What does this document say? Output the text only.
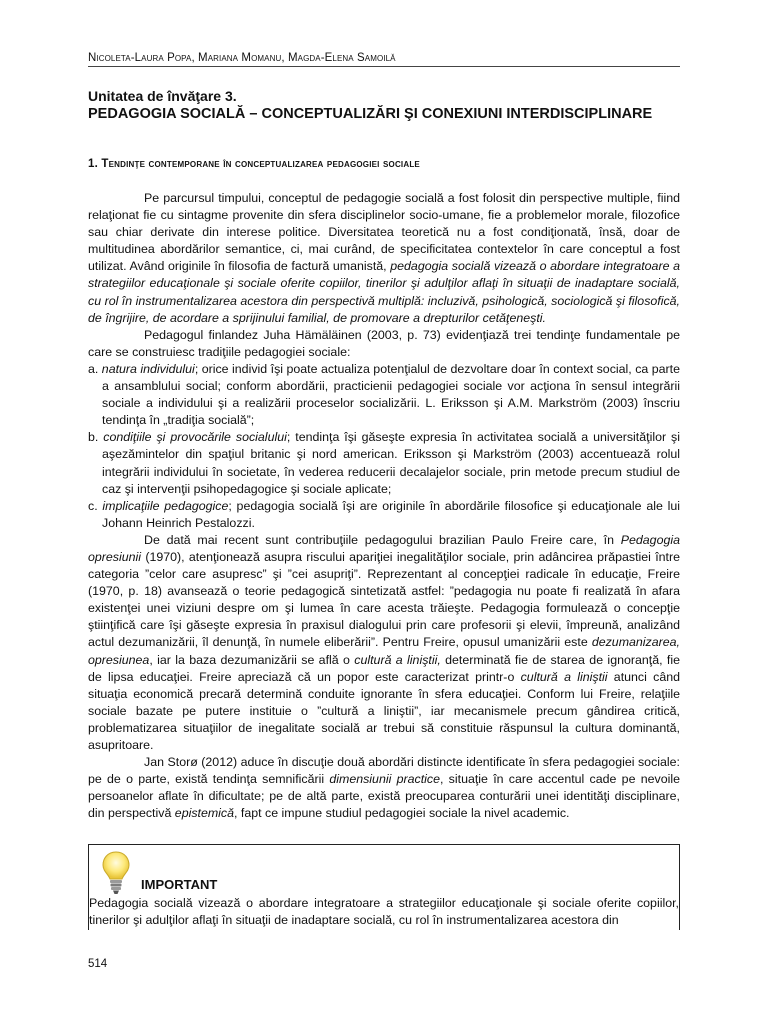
Nicoleta-Laura Popa, Mariana Momanu, Magda-Elena Samoilă
Unitatea de învăţare 3.
PEDAGOGIA SOCIALĂ – CONCEPTUALIZĂRI ŞI CONEXIUNI INTERDISCIPLINARE
1. Tendinţe contemporane în conceptualizarea pedagogiei sociale

Pe parcursul timpului, conceptul de pedagogie socială a fost folosit din perspective multiple, fiind relaţionat fie cu sintagme provenite din sfera disciplinelor socio-umane, fie a problemelor morale, filozofice sau chiar derivate din interese politice. Diversitatea teoretică nu a fost condiţionată, însă, doar de multitudinea abordărilor semantice, ci, mai curând, de specificitatea contextelor în care conceptul a fost utilizat. Având originile în filosofia de factură umanistă, pedagogia socială vizează o abordare integratoare a strategiilor educaţionale şi sociale oferite copiilor, tinerilor şi adulţilor aflaţi în situaţii de inadaptare socială, cu rol în instrumentalizarea acestora din perspectivă multiplă: incluzivă, psihologică, sociologică şi filosofică, de îngrijire, de acordare a sprijinului familial, de promovare a drepturilor cetăţeneşti.

Pedagogul finlandez Juha Hämäläinen (2003, p. 73) evidenţiază trei tendinţe fundamentale pe care se construiesc tradiţiile pedagogiei sociale:

a. natura individului; orice individ îşi poate actualiza potenţialul de dezvoltare doar în context social, ca parte a ansamblului social; conform abordării, practicienii pedagogiei sociale vor acţiona în sensul integrării sociale a individului şi a realizării proceselor socializării. L. Eriksson şi A.M. Markström (2003) înscriu tendinţa în „tradiţia socială”;

b. condiţiile şi provocările socialului; tendinţa îşi găseşte expresia în activitatea socială a universităţilor şi aşezămintelor din spaţiul britanic şi nord american. Eriksson şi Markström (2003) accentuează rolul integrării individului în societate, în vederea reducerii decalajelor sociale, prin metode precum studiul de caz şi intervenţii psihopedagogice şi sociale aplicate;

c. implicaţiile pedagogice; pedagogia socială îşi are originile în abordările filosofice şi educaţionale ale lui Johann Heinrich Pestalozzi.

De dată mai recent sunt contribuţiile pedagogului brazilian Paulo Freire care, în Pedagogia opresiunii (1970), atenţionează asupra riscului apariţiei inegalităţilor sociale, prin adâncirea prăpastiei între categoria ”celor care asupresc” şi ”cei asupriţi”. Reprezentant al concepţiei radicale în educaţie, Freire (1970, p. 18) avansează o teorie pedagogică sintetizată astfel: ”pedagogia nu poate fi realizată în afara existenţei unei viziuni despre om şi lumea în care acesta trăieşte. Pedagogia formulează o concepţie ştiinţifică care îşi găseşte expresia în praxisul dialogului prin care profesorii şi elevii, împreună, analizând actul dezumanizării, îl denunţă, în numele eliberării”. Pentru Freire, opusul umanizării este dezumanizarea, opresiunea, iar la baza dezumanizării se află o cultură a liniştii, determinată fie de starea de ignoranţă, fie de lipsa educaţiei. Freire apreciază că un popor este caracterizat printr-o cultură a liniştii atunci când situaţia economică precară determină conduite ignorante în sfera educaţiei. Conform lui Freire, relaţiile sociale bazate pe putere instituie o ”cultură a liniştii”, iar mecanismele precum gândirea critică, problematizarea situaţiilor de inegalitate socială ar trebui să constituie răspunsul la cultura dominantă, asupritoare.

Jan Storø (2012) aduce în discuţie două abordări distincte identificate în sfera pedagogiei sociale: pe de o parte, există tendinţa semnificării dimensiunii practice, situaţie în care accentul cade pe nevoile persoanelor aflate în dificultate; pe de altă parte, există preocuparea conturării unei identităţi disciplinare, din perspectivă epistemică, fapt ce impune studiul pedagogiei sociale la nivel academic.

IMPORTANT
Pedagogia socială vizează o abordare integratoare a strategiilor educaţionale şi sociale oferite copiilor, tinerilor şi adulţilor aflaţi în situaţii de inadaptare socială, cu rol în instrumentalizarea acestora din
514
